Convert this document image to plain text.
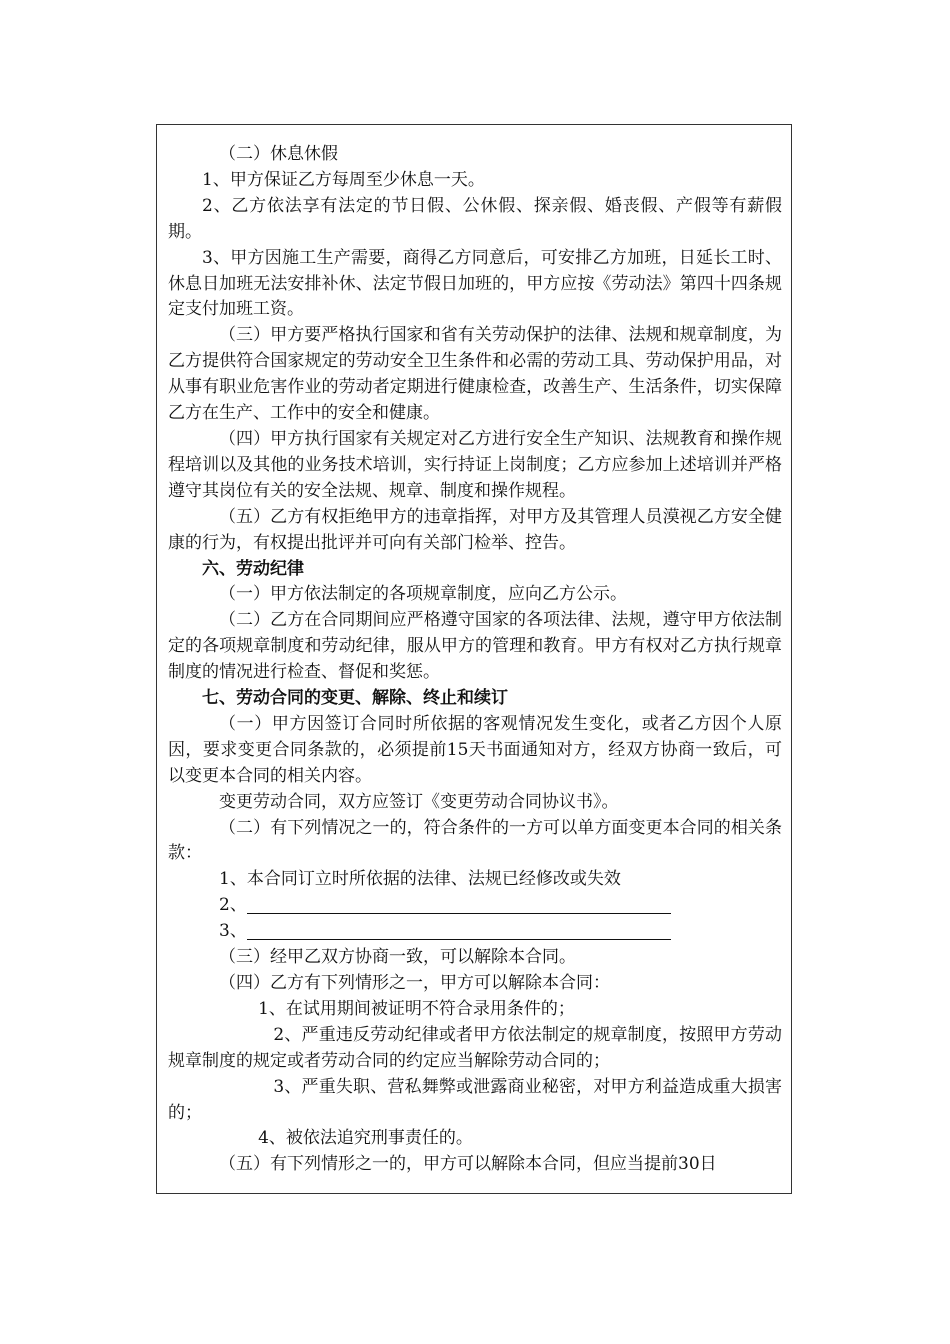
（二）休息休假

1、甲方保证乙方每周至少休息一天。

2、乙方依法享有法定的节日假、公休假、探亲假、婚丧假、产假等有薪假期。

3、甲方因施工生产需要，商得乙方同意后，可安排乙方加班，日延长工时、休息日加班无法安排补休、法定节假日加班的，甲方应按《劳动法》第四十四条规定支付加班工资。

（三）甲方要严格执行国家和省有关劳动保护的法律、法规和规章制度，为乙方提供符合国家规定的劳动安全卫生条件和必需的劳动工具、劳动保护用品，对从事有职业危害作业的劳动者定期进行健康检查，改善生产、生活条件，切实保障乙方在生产、工作中的安全和健康。

（四）甲方执行国家有关规定对乙方进行安全生产知识、法规教育和操作规程培训以及其他的业务技术培训，实行持证上岗制度；乙方应参加上述培训并严格遵守其岗位有关的安全法规、规章、制度和操作规程。

（五）乙方有权拒绝甲方的违章指挥，对甲方及其管理人员漠视乙方安全健康的行为，有权提出批评并可向有关部门检举、控告。

六、劳动纪律

（一）甲方依法制定的各项规章制度，应向乙方公示。

（二）乙方在合同期间应严格遵守国家的各项法律、法规，遵守甲方依法制定的各项规章制度和劳动纪律，服从甲方的管理和教育。甲方有权对乙方执行规章制度的情况进行检查、督促和奖惩。

七、劳动合同的变更、解除、终止和续订

（一）甲方因签订合同时所依据的客观情况发生变化，或者乙方因个人原因，要求变更合同条款的，必须提前15天书面通知对方，经双方协商一致后，可以变更本合同的相关内容。

变更劳动合同，双方应签订《变更劳动合同协议书》。

（二）有下列情况之一的，符合条件的一方可以单方面变更本合同的相关条款：

1、本合同订立时所依据的法律、法规已经修改或失效

2、

3、

（三）经甲乙双方协商一致，可以解除本合同。

（四）乙方有下列情形之一，甲方可以解除本合同：

1、在试用期间被证明不符合录用条件的；

2、严重违反劳动纪律或者甲方依法制定的规章制度，按照甲方劳动规章制度的规定或者劳动合同的约定应当解除劳动合同的；

3、严重失职、营私舞弊或泄露商业秘密，对甲方利益造成重大损害的；

4、被依法追究刑事责任的。

（五）有下列情形之一的，甲方可以解除本合同，但应当提前30日
